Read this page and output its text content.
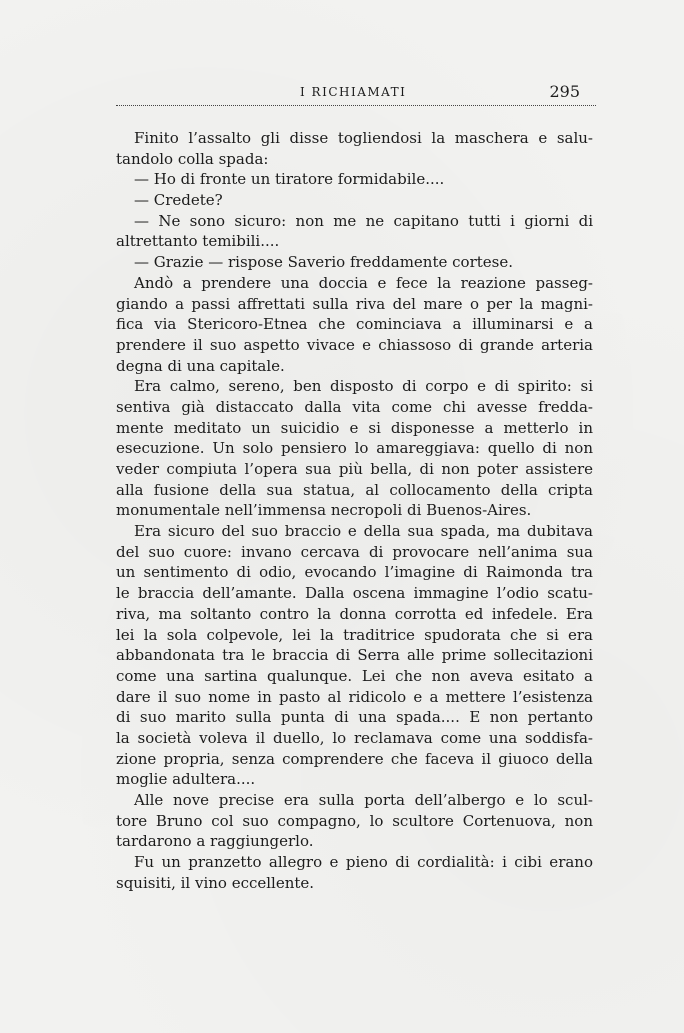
I RICHIAMATI	295
Finito l’assalto gli disse togliendosi la maschera e salu-
tandolo colla spada:
— Ho di fronte un tiratore formidabile....
— Credete?
— Ne sono sicuro: non me ne capitano tutti i giorni di
altrettanto temibili....
— Grazie — rispose Saverio freddamente cortese.
Andò a prendere una doccia e fece la reazione passeg-
giando a passi affrettati sulla riva del mare o per la magni-
fica via Stericoro-Etnea che cominciava a illuminarsi e a
prendere il suo aspetto vivace e chiassoso di grande arteria
degna di una capitale.
Era calmo, sereno, ben disposto di corpo e di spirito: si
sentiva già distaccato dalla vita come chi avesse fredda-
mente meditato un suicidio e si disponesse a metterlo in
esecuzione. Un solo pensiero lo amareggiava: quello di non
veder compiuta l’opera sua più bella, di non poter assistere
alla fusione della sua statua, al collocamento della cripta
monumentale nell’immensa necropoli di Buenos-Aires.
Era sicuro del suo braccio e della sua spada, ma dubitava
del suo cuore: invano cercava di provocare nell’anima sua
un sentimento di odio, evocando l’imagine di Raimonda tra
le braccia dell’amante. Dalla oscena immagine l’odio scatu-
riva, ma soltanto contro la donna corrotta ed infedele. Era
lei la sola colpevole, lei la traditrice spudorata che si era
abbandonata tra le braccia di Serra alle prime sollecitazioni
come una sartina qualunque. Lei che non aveva esitato a
dare il suo nome in pasto al ridicolo e a mettere l’esistenza
di suo marito sulla punta di una spada.... E non pertanto
la società voleva il duello, lo reclamava come una soddisfa-
zione propria, senza comprendere che faceva il giuoco della
moglie adultera....
Alle nove precise era sulla porta dell’albergo e lo scul-
tore Bruno col suo compagno, lo scultore Cortenuova, non
tardarono a raggiungerlo.
Fu un pranzetto allegro e pieno di cordialità: i cibi erano
squisiti, il vino eccellente.
